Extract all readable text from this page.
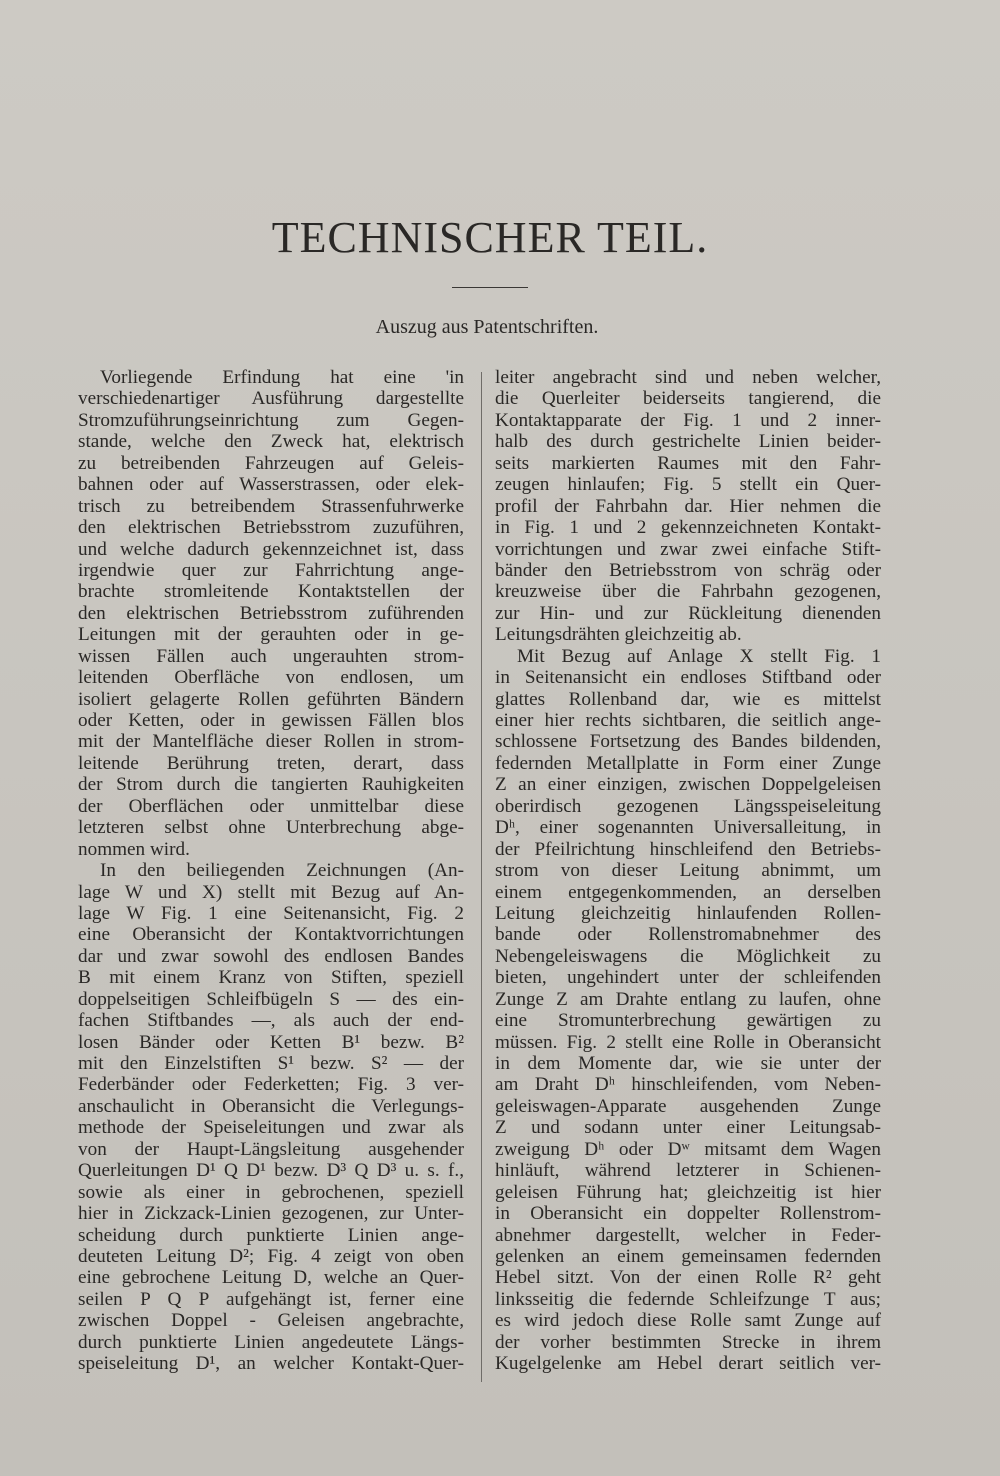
TECHNISCHER TEIL.
Auszug aus Patentschriften.
Vorliegende Erfindung hat eine 'in
verschiedenartiger Ausführung dargestellte
Stromzuführungseinrichtung zum Gegen-
stande, welche den Zweck hat, elektrisch
zu betreibenden Fahrzeugen auf Geleis-
bahnen oder auf Wasserstrassen, oder elek-
trisch zu betreibendem Strassenfuhrwerke
den elektrischen Betriebsstrom zuzuführen,
und welche dadurch gekennzeichnet ist, dass
irgendwie quer zur Fahrrichtung ange-
brachte stromleitende Kontaktstellen der
den elektrischen Betriebsstrom zuführenden
Leitungen mit der gerauhten oder in ge-
wissen Fällen auch ungerauhten strom-
leitenden Oberfläche von endlosen, um
isoliert gelagerte Rollen geführten Bändern
oder Ketten, oder in gewissen Fällen blos
mit der Mantelfläche dieser Rollen in strom-
leitende Berührung treten, derart, dass
der Strom durch die tangierten Rauhigkeiten
der Oberflächen oder unmittelbar diese
letzteren selbst ohne Unterbrechung abge-
nommen wird.
In den beiliegenden Zeichnungen (An-
lage W und X) stellt mit Bezug auf An-
lage W Fig. 1 eine Seitenansicht, Fig. 2
eine Oberansicht der Kontaktvorrichtungen
dar und zwar sowohl des endlosen Bandes
B mit einem Kranz von Stiften, speziell
doppelseitigen Schleifbügeln S — des ein-
fachen Stiftbandes —, als auch der end-
losen Bänder oder Ketten B¹ bezw. B²
mit den Einzelstiften S¹ bezw. S² — der
Federbänder oder Federketten; Fig. 3 ver-
anschaulicht in Oberansicht die Verlegungs-
methode der Speiseleitungen und zwar als
von der Haupt-Längsleitung ausgehender
Querleitungen D¹ Q D¹ bezw. D³ Q D³ u. s. f.,
sowie als einer in gebrochenen, speziell
hier in Zickzack-Linien gezogenen, zur Unter-
scheidung durch punktierte Linien ange-
deuteten Leitung D²; Fig. 4 zeigt von oben
eine gebrochene Leitung D, welche an Quer-
seilen P Q P aufgehängt ist, ferner eine
zwischen Doppel - Geleisen angebrachte,
durch punktierte Linien angedeutete Längs-
speiseleitung D¹, an welcher Kontakt-Quer-
leiter angebracht sind und neben welcher,
die Querleiter beiderseits tangierend, die
Kontaktapparate der Fig. 1 und 2 inner-
halb des durch gestrichelte Linien beider-
seits markierten Raumes mit den Fahr-
zeugen hinlaufen; Fig. 5 stellt ein Quer-
profil der Fahrbahn dar. Hier nehmen die
in Fig. 1 und 2 gekennzeichneten Kontakt-
vorrichtungen und zwar zwei einfache Stift-
bänder den Betriebsstrom von schräg oder
kreuzweise über die Fahrbahn gezogenen,
zur Hin- und zur Rückleitung dienenden
Leitungsdrähten gleichzeitig ab.
Mit Bezug auf Anlage X stellt Fig. 1
in Seitenansicht ein endloses Stiftband oder
glattes Rollenband dar, wie es mittelst
einer hier rechts sichtbaren, die seitlich ange-
schlossene Fortsetzung des Bandes bildenden,
federnden Metallplatte in Form einer Zunge
Z an einer einzigen, zwischen Doppelgeleisen
oberirdisch gezogenen Längsspeiseleitung
Dʰ, einer sogenannten Universalleitung, in
der Pfeilrichtung hinschleifend den Betriebs-
strom von dieser Leitung abnimmt, um
einem entgegenkommenden, an derselben
Leitung gleichzeitig hinlaufenden Rollen-
bande oder Rollenstromabnehmer des
Nebengeleiswagens die Möglichkeit zu
bieten, ungehindert unter der schleifenden
Zunge Z am Drahte entlang zu laufen, ohne
eine Stromunterbrechung gewärtigen zu
müssen. Fig. 2 stellt eine Rolle in Oberansicht
in dem Momente dar, wie sie unter der
am Draht Dʰ hinschleifenden, vom Neben-
geleiswagen-Apparate ausgehenden Zunge
Z und sodann unter einer Leitungsab-
zweigung Dʰ oder Dʷ mitsamt dem Wagen
hinläuft, während letzterer in Schienen-
geleisen Führung hat; gleichzeitig ist hier
in Oberansicht ein doppelter Rollenstrom-
abnehmer dargestellt, welcher in Feder-
gelenken an einem gemeinsamen federnden
Hebel sitzt. Von der einen Rolle R² geht
linksseitig die federnde Schleifzunge T aus;
es wird jedoch diese Rolle samt Zunge auf
der vorher bestimmten Strecke in ihrem
Kugelgelenke am Hebel derart seitlich ver-
